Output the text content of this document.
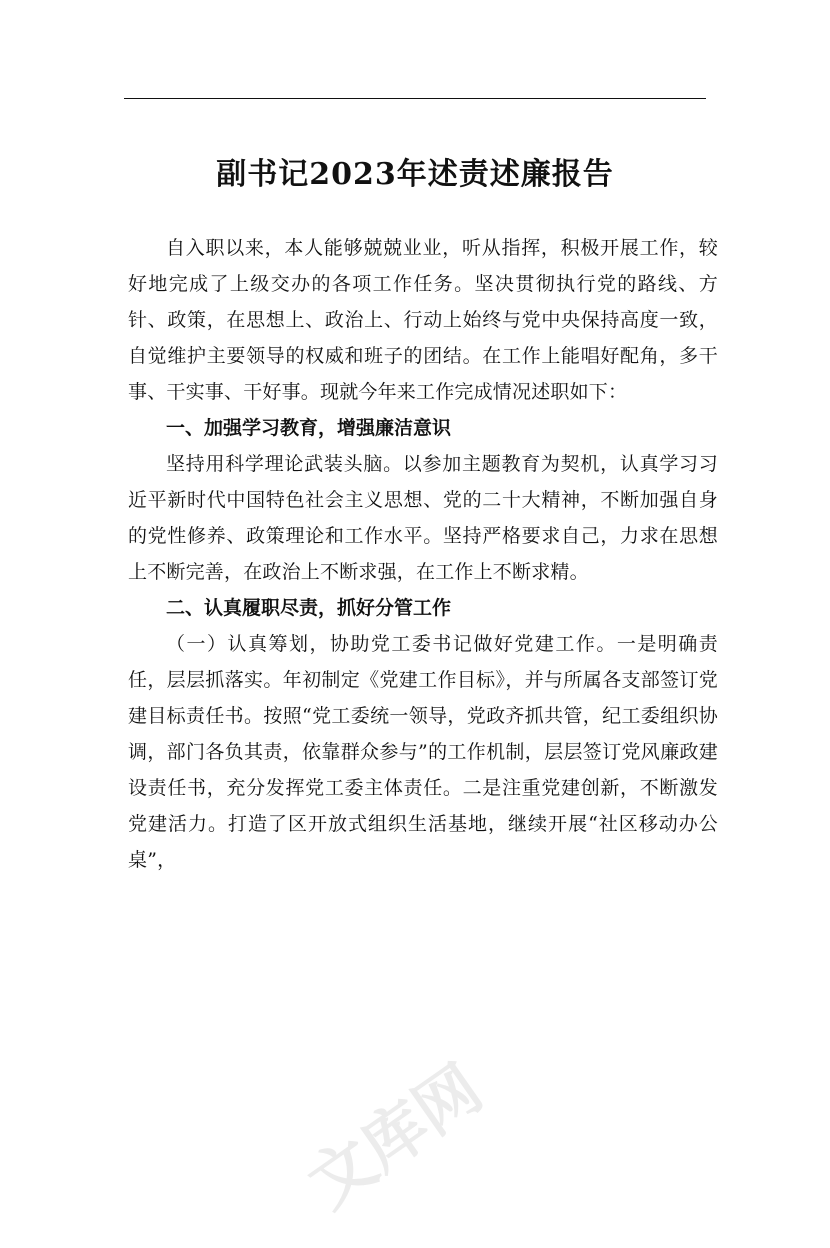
副书记2023年述责述廉报告

自入职以来，本人能够兢兢业业，听从指挥，积极开展工作，较好地完成了上级交办的各项工作任务。坚决贯彻执行党的路线、方针、政策，在思想上、政治上、行动上始终与党中央保持高度一致，自觉维护主要领导的权威和班子的团结。在工作上能唱好配角，多干事、干实事、干好事。现就今年来工作完成情况述职如下：

一、加强学习教育，增强廉洁意识

坚持用科学理论武装头脑。以参加主题教育为契机，认真学习习近平新时代中国特色社会主义思想、党的二十大精神，不断加强自身的党性修养、政策理论和工作水平。坚持严格要求自己，力求在思想上不断完善，在政治上不断求强，在工作上不断求精。

二、认真履职尽责，抓好分管工作

（一）认真筹划，协助党工委书记做好党建工作。一是明确责任，层层抓落实。年初制定《党建工作目标》，并与所属各支部签订党建目标责任书。按照“党工委统一领导，党政齐抓共管，纪工委组织协调，部门各负其责，依靠群众参与”的工作机制，层层签订党风廉政建设责任书，充分发挥党工委主体责任。二是注重党建创新，不断激发党建活力。打造了区开放式组织生活基地，继续开展“社区移动办公桌”，

文库网
